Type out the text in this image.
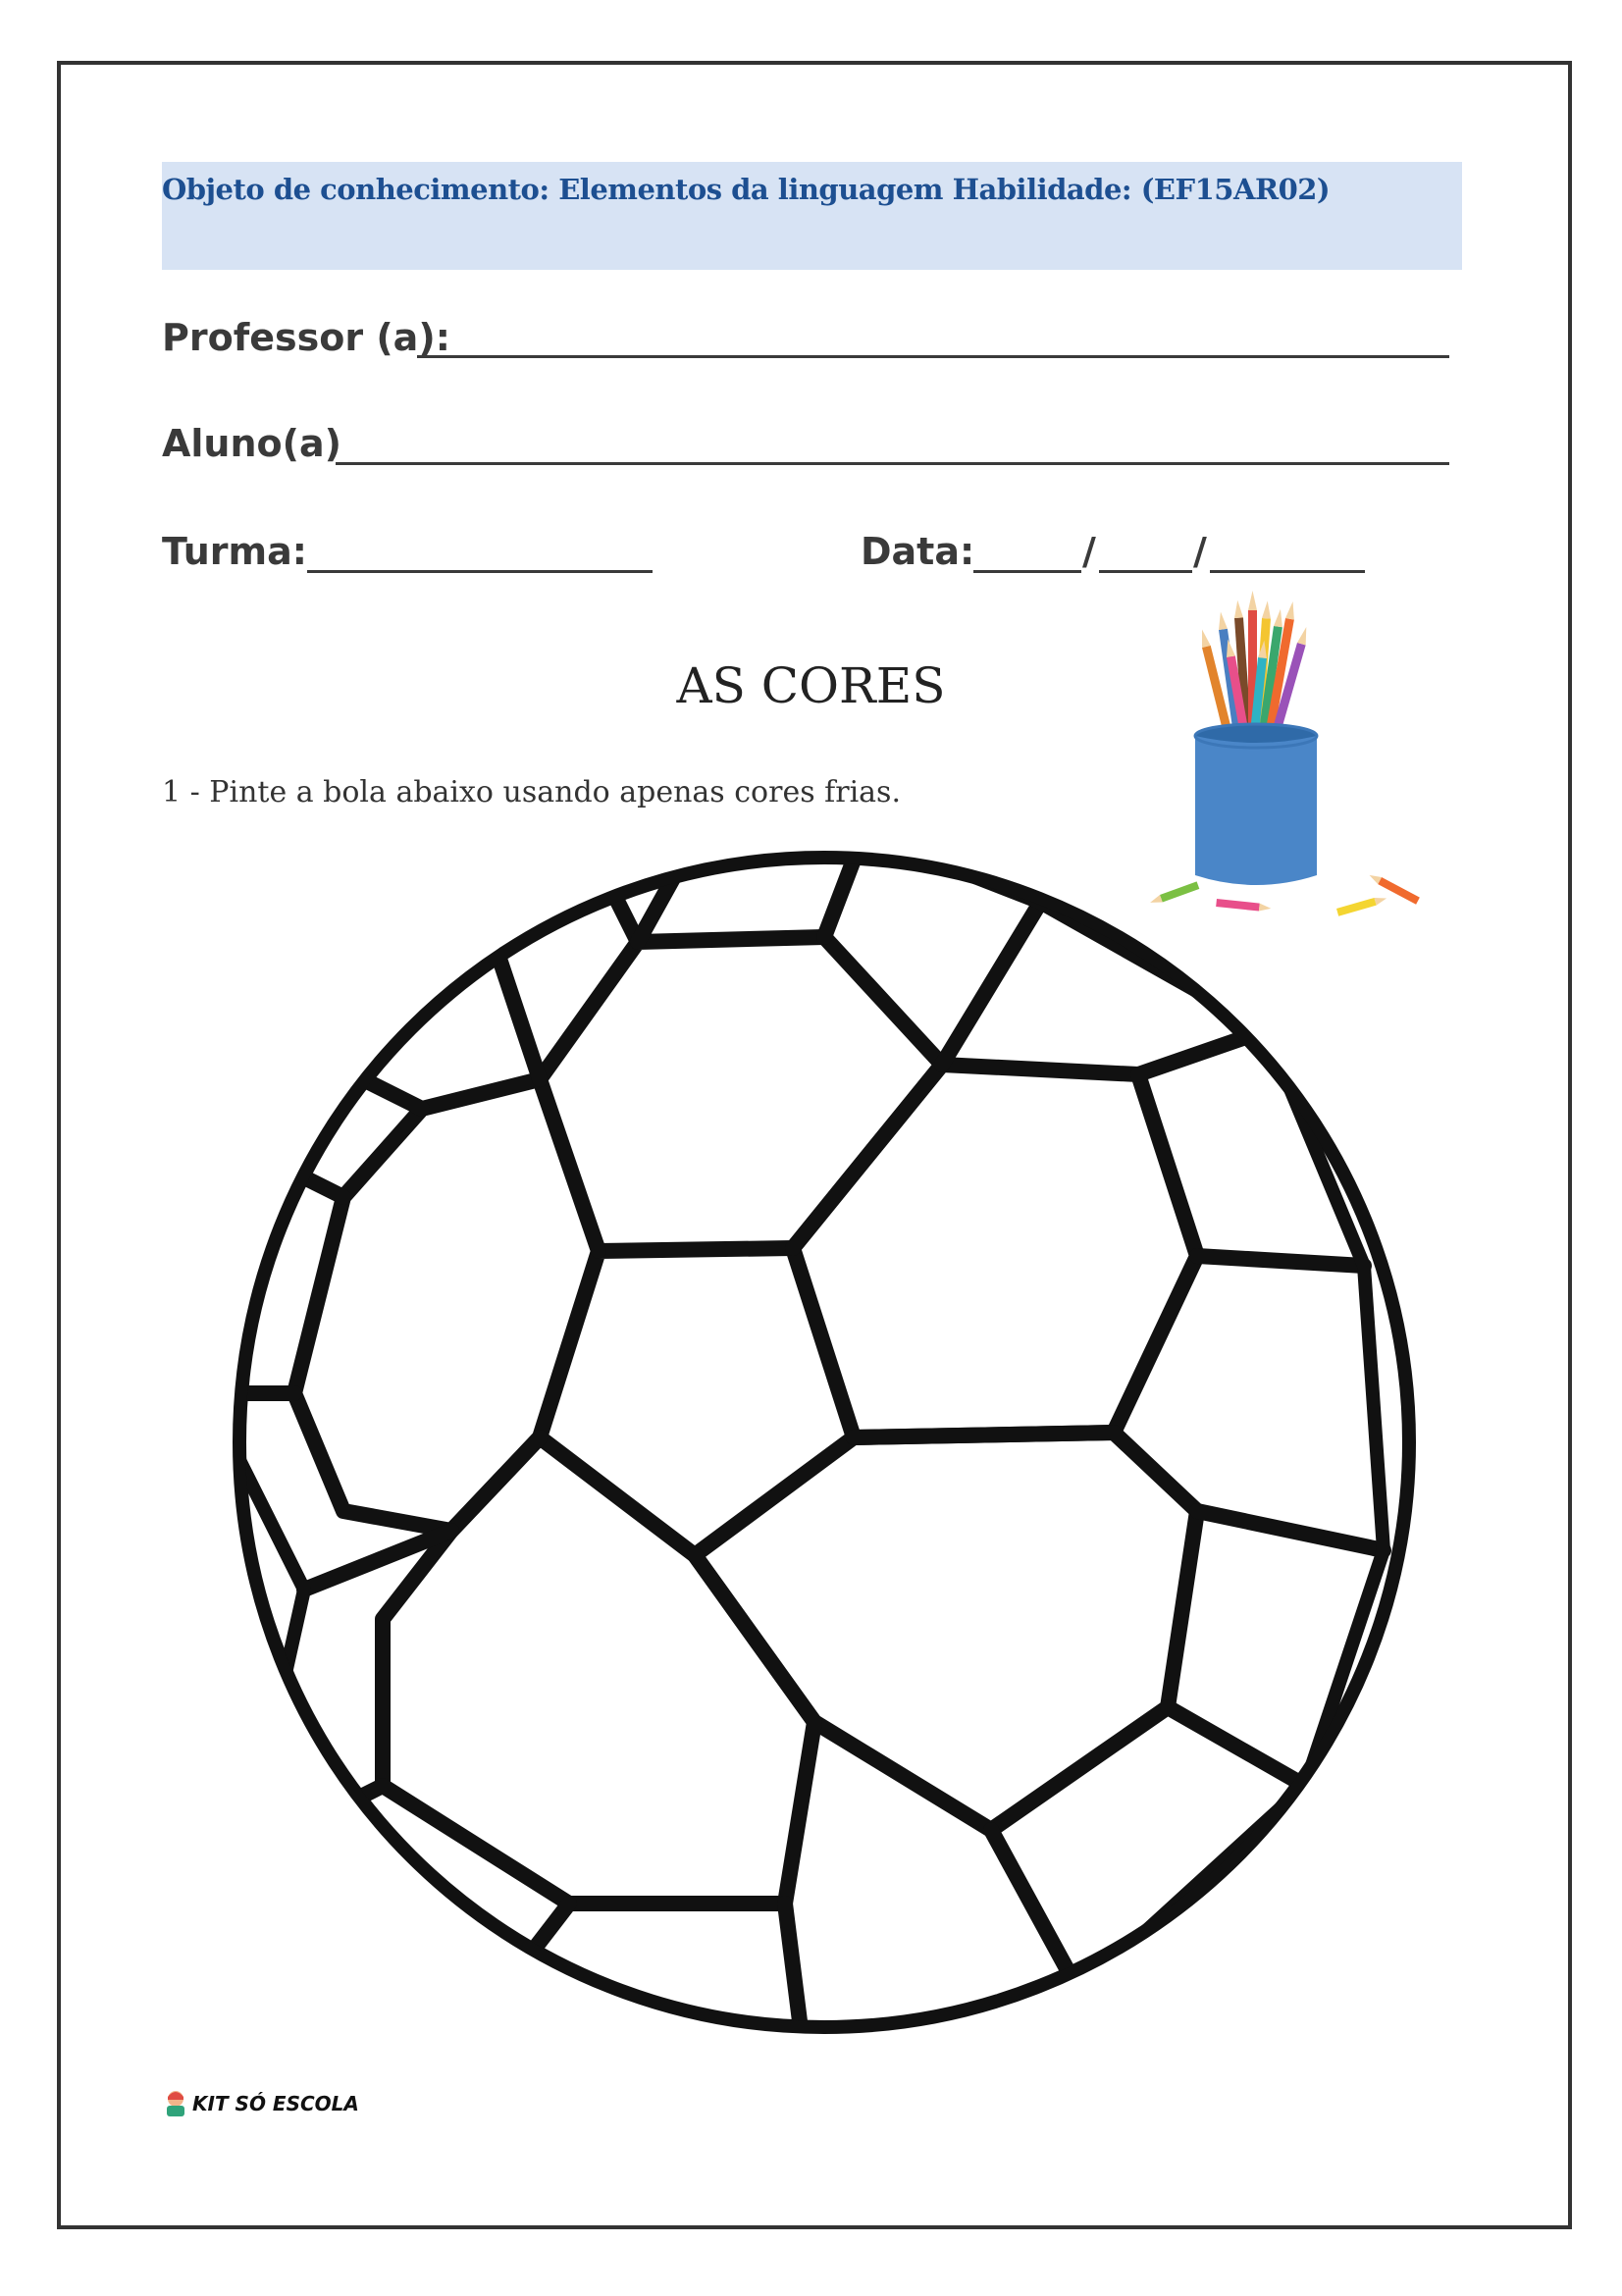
Objeto de conhecimento: Elementos da linguagem Habilidade: (EF15AR02)
Professor (a):
Aluno(a)
Turma:	Data:	/	/
AS CORES
1 - Pinte a bola abaixo usando apenas cores frias.
KIT SÓ ESCOLA
